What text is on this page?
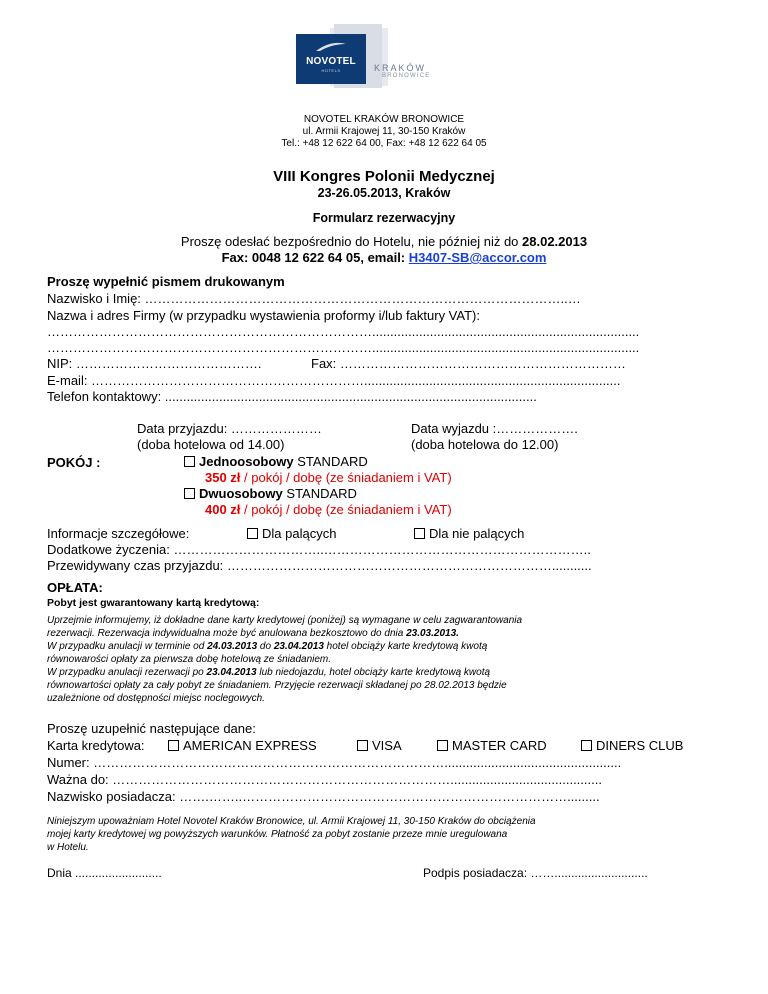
NOVOTEL
HOTELS	KRAKÓW
BRONOWICE
NOVOTEL KRAKÓW BRONOWICE
ul. Armii Krajowej 11, 30-150 Kraków
Tel.: +48 12 622 64 00, Fax: +48 12 622 64 05
VIII Kongres Polonii Medycznej
23-26.05.2013, Kraków
Formularz rezerwacyjny
Proszę odesłać bezpośrednio do Hotelu, nie później niż do 28.02.2013
Fax: 0048 12 622 64 05, email: H3407-SB@accor.com
Proszę wypełnić pismem drukowanym
Nazwisko i Imię: ……………………………………………………………………………………..…
Nazwa i adres Firmy (w przypadku wystawienia proformy i/lub faktury VAT):
…………………………………………………………………..........................................................................
…………………………………………………………………..........................................................................
NIP: …………………………………….	Fax: …………………………………………………………
E-mail: ……………………………………………………….......................................................................
Telefon kontaktowy: .......................................................................................................
Data przyjazdu: …………………	Data wyjazdu :……………….
(doba hotelowa od 14.00)	(doba hotelowa do 12.00)
POKÓJ :	Jednoosobowy STANDARD
350 zł / pokój / dobę (ze śniadaniem i VAT)
Dwuosobowy STANDARD
400 zł / pokój / dobę (ze śniadaniem i VAT)
Informacje szczegółowe:	Dla palących	Dla nie palących
Dodatkowe życzenia: ……………………………..……………………………………………………..
Przewidywany czas przyjazdu: …………………………………………………………………...........
OPŁATA:
Pobyt jest gwarantowany kartą kredytową:
Uprzejmie informujemy, iż dokładne dane karty kredytowej (poniżej) są wymagane w celu zagwarantowania
rezerwacji. Rezerwacja indywidualna może być anulowana bezkosztowo do dnia 23.03.2013.
W przypadku anulacji w terminie od 24.03.2013 do 23.04.2013 hotel obciąży karte kredytową kwotą
równowarości opłaty za pierwsza dobę hotelową ze śniadaniem.
W przypadku anulacji rezerwacji po 23.04.2013 lub niedojazdu, hotel obciąży karte kredytową kwotą
równowartości opłaty za cały pobyt ze śniadaniem. Przyjęcie rezerwacji składanej po 28.02.2013 będzie
uzależnione od dostępności miejsc noclegowych.
Proszę uzupełnić następujące dane:
Karta kredytowa:	AMERICAN EXPRESS	VISA	MASTER CARD	DINERS CLUB
Numer: ……………………………………………………………………….................................................
Ważna do: ……………………………………………………………………..........................................
Nazwisko posiadacza: …….……..………………………………………………………………….........
Niniejszym upoważniam Hotel Novotel Kraków Bronowice, ul. Armii Krajowej 11, 30-150 Kraków do obciążenia
mojej karty kredytowej wg powyższych warunków. Płatność za pobyt zostanie przeze mnie uregulowana
w Hotelu.
Dnia ..........................	Podpis posiadacza: ……............................
